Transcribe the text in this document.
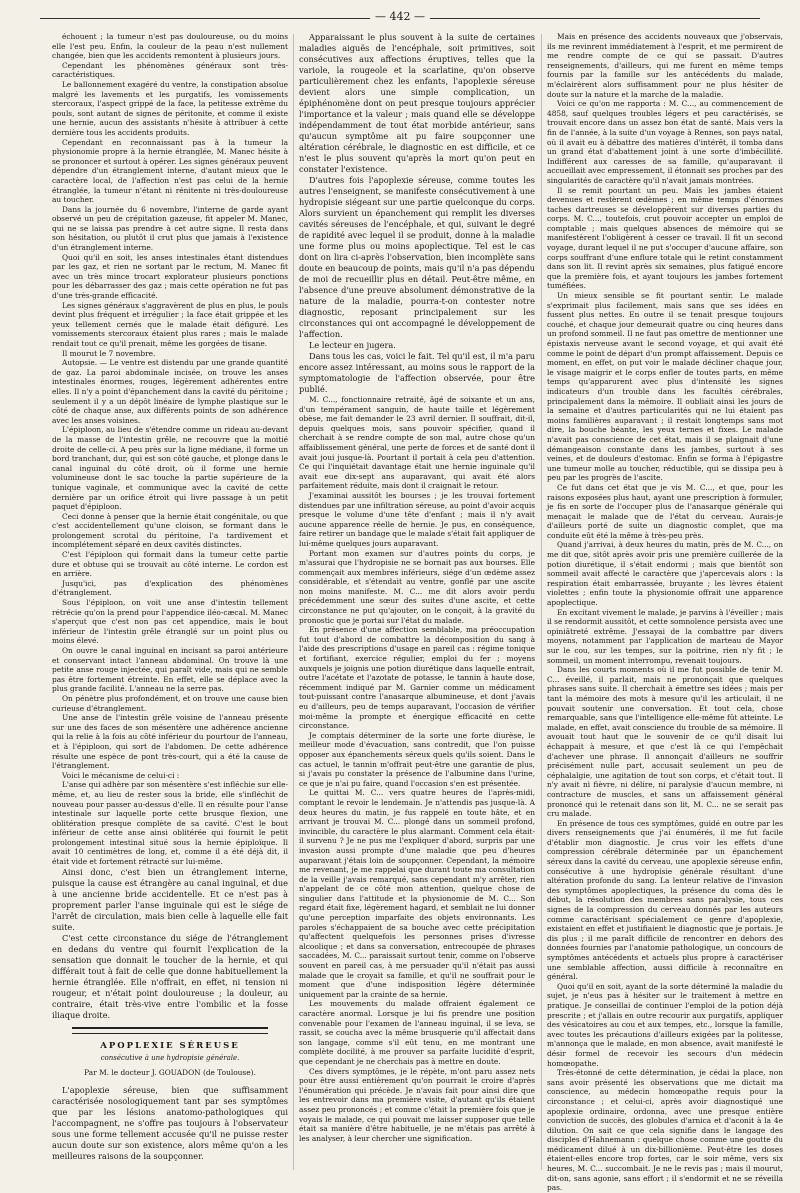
— 442 —

échouent ; la tumeur n'est pas douloureuse, ou du moins elle l'est peu. Enfin, la couleur de la peau n'est nullement changée, bien que les accidents remontent à plusieurs jours.

Cependant les phénomènes généraux sont très-caractéristiques.

Le ballonnement exagéré du ventre, la constipation absolue malgré les lavements et les purgatifs, les vomissements stercoraux, l'aspect grippé de la face, la petitesse extrême du pouls, sont autant de signes de péritonite, et comme il existe une hernie, aucun des assistants n'hésite à attribuer à cette dernière tous les accidents produits.

Cependant en reconnaissant pas à la tumeur la physionomie propre à la hernie étranglée, M. Manec hésite à se prononcer et surtout à opérer. Les signes généraux peuvent dépendre d'un étranglement interne, d'autant mieux que le caractère local, de l'affection n'est pas celui de la hernie étranglée, la tumeur n'étant ni rénitente ni très-douloureuse au toucher.

Dans la journée du 6 novembre, l'interne de garde ayant observé un peu de crépitation gazeuse, fit appeler M. Manec, qui ne se laissa pas prendre à cet autre signe. Il resta dans son hésitation, ou plutôt il crut plus que jamais à l'existence d'un étranglement interne.

Quoi qu'il en soit, les anses intestinales étant distendues par les gaz, et rien ne sortant par le rectum, M. Manec fit avec un très mince trocart explorateur plusieurs ponctions pour les débarrasser des gaz ; mais cette opération ne fut pas d'une très-grande efficacité.

Les signes généraux s'aggravèrent de plus en plus, le pouls devint plus fréquent et irrégulier ; la face était grippée et les yeux tellement cernés que le malade était défiguré. Les vomissements stercoraux étaient plus rares ; mais le malade rendait tout ce qu'il prenait, même les gorgées de tisane.

Il mourut le 7 novembre.

Autopsie. — Le ventre est distendu par une grande quantité de gaz. La paroi abdominale incisée, on trouve les anses intestinales énormes, rouges, légèrement adhérentes entre elles. Il n'y a point d'épanchement dans la cavité du péritoine ; seulement il y a un dépôt linéaire de lymphe plastique sur le côté de chaque anse, aux différents points de son adhérence avec les anses voisines.

L'épiploon, au lieu de s'étendre comme un rideau au-devant de la masse de l'intestin grêle, ne recouvre que la moitié droite de celle-ci. A peu près sur la ligne médiane, il forme un bord tranchant, dur, qui est son côté gauche, et plonge dans le canal inguinal du côté droit, où il forme une hernie volumineuse dont le sac touche la partie supérieure de la tunique vaginale, et communique avec la cavité de cette dernière par un orifice étroit qui livre passage à un petit paquet d'épiploon.

Ceci donne à penser que la hernie était congénitale, ou que c'est accidentellement qu'une cloison, se formant dans le prolongement scrotal du péritoine, l'a tardivement et incomplétement séparé en deux cavités distinctes.

C'est l'épiploon qui formait dans la tumeur cette partie dure et obtuse qui se trouvait au côté interne. Le cordon est en arrière.

Jusqu'ici, pas d'explication des phénomènes d'étranglement.

Sous l'épiploon, on voit une anse d'intestin tellement rétrécie qu'on la prend pour l'appendice iléo-cæcal. M. Manec s'aperçut que c'est non pas cet appendice, mais le bout inférieur de l'intestin grêle étranglé sur un point plus ou moins élevé.

On ouvre le canal inguinal en incisant sa paroi antérieure et conservant intact l'anneau abdominal. On trouve là une petite anse rouge injectée, qui paraît vide, mais qui ne semble pas être fortement étreinte. En effet, elle se déplace avec la plus grande facilité. L'anneau ne la serre pas.

On pénètre plus profondément, et on trouve une cause bien curieuse d'étranglement.

Une anse de l'intestin grêle voisine de l'anneau présente sur une des faces de son mésentère une adhérence ancienne qui la relie à la fois au côté inférieur du pourtour de l'anneau, et à l'épiploon, qui sort de l'abdomen. De cette adhérence résulte une espèce de pont très-court, qui a été la cause de l'étranglement.

Voici le mécanisme de celui-ci :

L'anse qui adhère par son mésentère s'est infléchie sur elle-même, et, au lieu de rester sous la bride, elle s'infléchit de nouveau pour passer au-dessus d'elle. Il en résulte pour l'anse intestinale sur laquelle porte cette brusque flexion, une oblitération presque complète de sa cavité. C'est le bout inférieur de cette anse ainsi oblitérée qui fournit le petit prolongement intestinal situé sous la hernie épiploïque. Il avait 10 centimètres de long, et, comme il a été déjà dit, il était vide et fortement rétracté sur lui-même.

Ainsi donc, c'est bien un étranglement interne, puisque la cause est étrangère au canal inguinal, et due à une ancienne bride accidentelle. Et ce n'est pas à proprement parler l'anse inguinale qui est le siége de l'arrêt de circulation, mais bien celle à laquelle elle fait suite.

C'est cette circonstance du siége de l'étranglement en dedans du ventre qui fournit l'explication de la sensation que donnait le toucher de la hernie, et qui différait tout à fait de celle que donne habituellement la hernie étranglée. Elle n'offrait, en effet, ni tension ni rougeur, et n'était point douloureuse ; la douleur, au contraire, était très-vive entre l'ombilic et la fosse iliaque droite.

APOPLEXIE SÉREUSE
consécutive à une hydropisie générale.
Par M. le docteur J. GOUADON (de Toulouse).

L'apoplexie séreuse, bien que suffisamment caractérisée nosologiquement tant par ses symptômes que par les lésions anatomo-pathologiques qui l'accompagnent, ne s'offre pas toujours à l'observateur sous une forme tellement accusée qu'il ne puisse rester aucun doute sur son existence, alors même qu'on a les meilleures raisons de la soupçonner.

Apparaissant le plus souvent à la suite de certaines maladies aiguës de l'encéphale, soit primitives, soit consécutives aux affections éruptives, telles que la variole, la rougeole et la scarlatine, qu'on observe particulièrement chez les enfants, l'apoplexie séreuse devient alors une simple complication, un épiphénomène dont on peut presque toujours apprécier l'importance et la valeur ; mais quand elle se développe indépendamment de tout état morbide antérieur, sans qu'aucun symptôme ait pu faire soupçonner une altération cérébrale, le diagnostic en est difficile, et ce n'est le plus souvent qu'après la mort qu'on peut en constater l'existence.

D'autres fois l'apoplexie séreuse, comme toutes les autres l'enseignent, se manifeste consécutivement à une hydropisie siégeant sur une partie quelconque du corps. Alors survient un épanchement qui remplit les diverses cavités séreuses de l'encéphale, et qui, suivant le degré de rapidité avec lequel il se produit, donne à la maladie une forme plus ou moins apoplectique. Tel est le cas dont on lira ci-après l'observation, bien incomplète sans doute en beaucoup de points, mais qu'il n'a pas dépendu de moi de recueillir plus en détail. Peut-être même, en l'absence d'une preuve absolument démonstrative de la nature de la maladie, pourra-t-on contester notre diagnostic, reposant principalement sur les circonstances qui ont accompagné le développement de l'affection.

Le lecteur en jugera.

Dans tous les cas, voici le fait. Tel qu'il est, il m'a paru encore assez intéressant, au moins sous le rapport de la symptomatologie de l'affection observée, pour être publié.

M. C..., fonctionnaire retraité, âgé de soixante et un ans, d'un tempérament sanguin, de haute taille et légèrement obèse, me fait demander le 23 avril dernier. Il souffrait, dit-il, depuis quelques mois, sans pouvoir spécifier, quand il cherchait à se rendre compte de son mal, autre chose qu'un affaiblissement général, une perte de forces et de santé dont il avait joui jusque-là. Pourtant il portait à cela peu d'attention. Ce qui l'inquiétait davantage était une hernie inguinale qu'il avait eue dix-sept ans auparavant, qui avait été alors parfaitement réduite, mais dont il craignait le retour.

J'examinai aussitôt les bourses ; je les trouvai fortement distendues par une infiltration séreuse, au point d'avoir acquis presque le volume d'une tête d'enfant ; mais il n'y avait aucune apparence réelle de hernie. Je pus, en conséquence, faire retirer un bandage que le malade s'était fait appliquer de lui-même quelques jours auparavant.

Portant mon examen sur d'autres points du corps, je m'assurai que l'hydropisie ne se bornait pas aux bourses. Elle commençait aux membres inférieurs, siége d'un œdème assez considérable, et s'étendait au ventre, gonflé par une ascite non moins manifeste. M. C... me dit alors avoir perdu précédemment une sœur des suites d'une ascite, et cette circonstance ne put qu'ajouter, on le conçoit, à la gravité du pronostic que je portai sur l'état du malade.

En présence d'une affection semblable, ma préoccupation fut tout d'abord de combattre la décomposition du sang à l'aide des prescriptions d'usage en pareil cas : régime tonique et fortifiant, exercice régulier, emploi du fer ; moyens auxquels je joignis une potion diurétique dans laquelle entrait, outre l'acétate et l'azotate de potasse, le tannin à haute dose, récemment indiqué par M. Garnier comme un médicament tout-puissant contre l'anasarque albumineuse, et dont j'avais eu d'ailleurs, peu de temps auparavant, l'occasion de vérifier moi-même la prompte et énergique efficacité en cette circonstance.

Je comptais déterminer de la sorte une forte diurèse, le meilleur mode d'évacuation, sans contredit, que l'on puisse opposer aux épanchements séreux quels qu'ils soient. Dans le cas actuel, le tannin m'offrait peut-être une garantie de plus, si j'avais pu constater la présence de l'albumine dans l'urine, ce que je n'ai pu faire, quand l'occasion s'en est présentée.

Le quittai M. C... vers quatre heures de l'après-midi, comptant le revoir le lendemain. Je n'attendis pas jusque-là. A deux heures du matin, je fus rappelé en toute hâte, et en arrivant je trouvai M. C... plongé dans un sommeil profond, invincible, du caractère le plus alarmant. Comment cela était-il survenu ? Je ne pus me l'expliquer d'abord, surpris par une invasion aussi prompte d'une maladie que peu d'heures auparavant j'étais loin de soupçonner. Cependant, la mémoire me revenant, je me rappelai que durant toute ma consultation de la veille j'avais remarqué, sans cependant m'y arrêter, rien n'appelant de ce côté mon attention, quelque chose de singulier dans l'attitude et la physionomie de M. C... Son regard était fixe, légèrement hagard, et semblait ne lui donner qu'une perception imparfaite des objets environnants. Les paroles s'échappaient de sa bouche avec cette précipitation qu'affectent quelquefois les personnes prises d'ivresse alcoolique ; et dans sa conversation, entrecoupée de phrases saccadées, M. C... paraissait surtout tenir, comme on l'observe souvent en pareil cas, à me persuader qu'il n'était pas aussi malade que le croyait sa famille, et qu'il ne souffrait pour le moment que d'une indisposition légère déterminée uniquement par la crainte de sa hernie.

Les mouvements du malade offraient également ce caractère anormal. Lorsque je lui fis prendre une position convenable pour l'examen de l'anneau inguinal, il se leva, se rassit, se coucha avec la même brusquerie qu'il affectait dans son langage, comme s'il eût tenu, en me montrant une complète docilité, à me prouver sa parfaite lucidité d'esprit, que cependant je ne cherchais pas à mettre en doute.

Ces divers symptômes, je le répète, m'ont paru assez nets pour être aussi entièrement qu'on pourrait le croire d'après l'énumération qui précède. Je n'avais fait pour ainsi dire que les entrevoir dans ma première visite, d'autant qu'ils étaient assez peu prononcés ; et comme c'était la première fois que je voyais le malade, ce qui pouvait me laisser supposer que telle était sa manière d'être habituelle, je ne m'étais pas arrêté à les analyser, à leur chercher une signification.

Mais en présence des accidents nouveaux que j'observais, ils me revinrent immédiatement à l'esprit, et me permirent de me rendre compte de ce qui se passait. D'autres renseignements, d'ailleurs, qui me furent en même temps fournis par la famille sur les antécédents du malade, m'éclairèrent alors suffisamment pour ne plus hésiter de doute sur la nature et la marche de la maladie.

Voici ce qu'on me rapporta : M. C..., au commencement de 4858, sauf quelques troubles légers et peu caractérisés, se trouvait encore dans un assez bon état de santé. Mais vers la fin de l'année, à la suite d'un voyage à Rennes, son pays natal, où il avait eu à débattre des matières d'intérêt, il tomba dans un grand état d'abattement joint à une sorte d'imbécillité. Indifférent aux caresses de sa famille, qu'auparavant il accueillait avec empressement, il étonnait ses proches par des singularités de caractère qu'il n'avait jamais montrées.

Il se remit pourtant un peu. Mais les jambes étaient devenues et restèrent œdèmes ; en même temps d'énormes taches dartreuses se développèrent sur diverses parties du corps. M. C..., toutefois, crut pouvoir accepter un emploi de comptable ; mais quelques absences de mémoire qui se manifestèrent l'obligèrent à cesser ce travail. Il fit un second voyage, durant lequel il ne put s'occuper d'aucune affaire, son corps souffrant d'une enflure totale qui le retint constamment dans son lit. Il revint après six semaines, plus fatigué encore que la première fois, et ayant toujours les jambes fortement tuméfiées.

Un mieux sensible se fit pourtant sentir. Le malade s'exprimait plus facilement, mais sans que ses idées en fussent plus nettes. En outre il se tenait presque toujours couché, et chaque jour demeurait quatre ou cinq heures dans un profond sommeil. Il ne faut pas omettre de mentionner une épistaxis nerveuse avant le second voyage, et qui avait été comme le point de départ d'un prompt affaissement. Depuis ce moment, en effet, on put voir le malade décliner chaque jour, le visage maigrir et le corps enfler de toutes parts, en même temps qu'apparurent avec plus d'intensité les signes indicateurs d'un trouble dans les facultés cérébrales, principalement dans la mémoire. Il oubliait ainsi les jours de la semaine et d'autres particularités qui ne lui étaient pas moins familières auparavant ; il restait longtemps sans mot dire, la bouche béante, les yeux ternes et fixes. Le malade n'avait pas conscience de cet état, mais il se plaignait d'une démangeaison constante dans les jambes, surtout à ses veines, et de douleurs d'estomac. Enfin se forma à l'épigastre une tumeur molle au toucher, réductible, qui se dissipa peu à peu par les progrès de l'ascite.

Ce fut dans cet état que je vis M. C..., et que, pour les raisons exposées plus haut, ayant une prescription à formuler, je fis en sorte de l'occuper plus de l'anasarque générale qui menaçait le malade que de l'état du cerveau. Aurais-je d'ailleurs porté de suite un diagnostic complet, que ma conduite eût été la même à très-peu près.

Quand j'arrivai, à deux heures du matin, près de M. C..., on me dit que, sitôt après avoir pris une première cuillerée de la potion diurétique, il s'était endormi ; mais que bientôt son sommeil avait affecté le caractère que j'apercevais alors : la respiration était embarrassée, bruyante ; les lèvres étaient violettes ; enfin toute la physionomie offrait une apparence apoplectique.

En excitant vivement le malade, je parvins à l'éveiller ; mais il se rendormit aussitôt, et cette somnolence persista avec une opiniâtreté extrême. J'essayai de la combattre par divers moyens, notamment par l'application de marteau de Mayor sur le cou, sur les tempes, sur la poitrine, rien n'y fit ; le sommeil, un moment interrompu, revenait toujours.

Dans les courts moments où il me fut possible de tenir M. C... éveillé, il parlait, mais ne prononçait que quelques phrases sans suite. Il cherchait à émettre ses idées ; mais per tant la mémoire des mots à mesure qu'il les articulait, il ne pouvait soutenir une conversation. Et tout cela, chose remarquable, sans que l'intelligence elle-même fût atteinte. Le malade, en effet, avait conscience du trouble de sa mémoire. Il avouait tout haut que le souvenir de ce qu'il disait lui échappait à mesure, et que c'est là ce qui l'empêchait d'achever une phrase. Il annonçait d'ailleurs ne souffrir précisément nulle part, accusait seulement un peu de céphalalgie, une agitation de tout son corps, et c'était tout. Il n'y avait ni fièvre, ni délire, ni paralysie d'aucun membre, ni contracture de muscles, et sans un affaissement général prononcé qui le retenait dans son lit, M. C... ne se serait pas cru malade.

En présence de tous ces symptômes, guidé en outre par les divers renseignements que j'ai énumérés, il me fut facile d'établir mon diagnostic. Je crus voir les effets d'une compression cérébrale déterminée par un épanchement séreux dans la cavité du cerveau, une apoplexie séreuse enfin, consécutive à une hydropisie générale résultant d'une altération profonde du sang. La lenteur relative de l'invasion des symptômes apoplectiques, la présence du coma dès le début, la résolution des membres sans paralysie, tous ces signes de la compression du cerveau donnés par les auteurs comme caractérisant spécialement ce genre d'apoplexie, existaient en effet et justifiaient le diagnostic que je portais. Je dis plus ; il me paraît difficile de rencontrer en dehors des données fournies par l'anatomie pathologique, un concours de symptômes antécédents et actuels plus propre à caractériser une semblable affection, aussi difficile à reconnaître en général.

Quoi qu'il en soit, ayant de la sorte déterminé la maladie du sujet, je n'eus pas à hésiter sur le traitement à mettre en pratique. Je conseillai de continuer l'emploi de la potion déjà prescrite ; et j'allais en outre recourir aux purgatifs, appliquer des vésicatoires au cou et aux tempes, etc., lorsque la famille, avec toutes les précautions d'ailleurs exigées par la politesse, m'annonça que le malade, en mon absence, avait manifesté le désir formel de recevoir les secours d'un médecin homœopathe.

Très-étonné de cette détermination, je cédai la place, non sans avoir présenté les observations que me dictait ma conscience, au médecin homœopathe requis pour la circonstance ; et celui-ci, après avoir diagnostiqué une apoplexie ordinaire, ordonna, avec une presque entière conviction de succès, des globules d'arnica et d'aconit à la 4e dilution. On sait ce que cela signifie dans le langage des disciples d'Hahnemann : quelque chose comme une goutte du médicament dilué à un dix-billionième. Peut-être les doses étaient-elles encore trop fortes, car le soir même, vers six heures, M. C... succombait. Je ne le revis pas ; mais il mourut, dit-on, sans agonie, sans effort ; il s'endormit et ne se réveilla pas.
